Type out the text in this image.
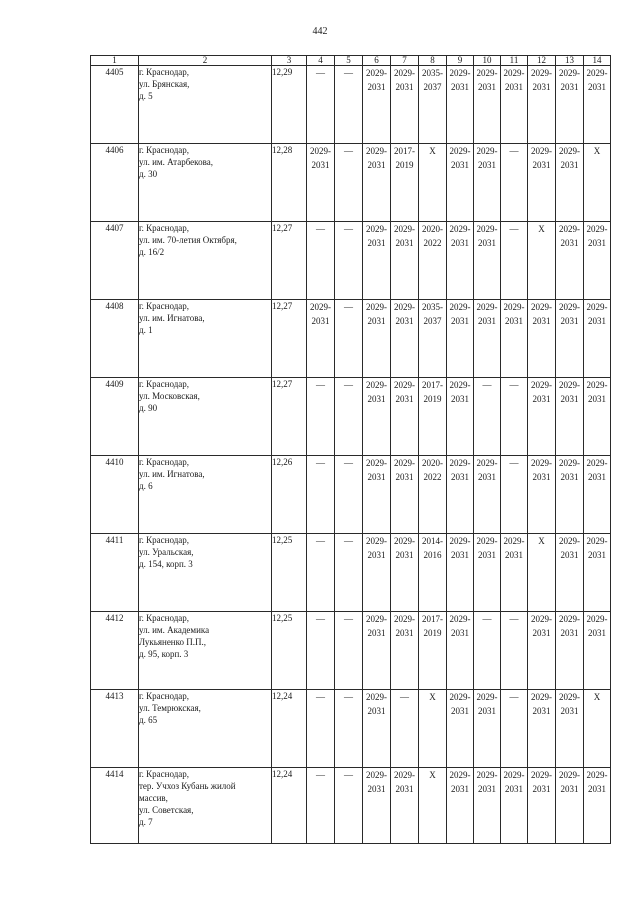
442
1	2	3	4	5	6	7	8	9	10	11	12	13	14
4405	г. Краснодар,
ул. Брянская,
д. 5	12,29	—	—	2029-
2031	2029-
2031	2035-
2037	2029-
2031	2029-
2031	2029-
2031	2029-
2031	2029-
2031	2029-
2031

4406	г. Краснодар,
ул. им. Атарбекова,
д. 30	12,28	2029-
2031	—	2029-
2031	2017-
2019	Х	2029-
2031	2029-
2031	—	2029-
2031	2029-
2031	Х

4407	г. Краснодар,
ул. им. 70-летия Октября,
д. 16/2	12,27	—	—	2029-
2031	2029-
2031	2020-
2022	2029-
2031	2029-
2031	—	Х	2029-
2031	2029-
2031

4408	г. Краснодар,
ул. им. Игнатова,
д. 1	12,27	2029-
2031	—	2029-
2031	2029-
2031	2035-
2037	2029-
2031	2029-
2031	2029-
2031	2029-
2031	2029-
2031	2029-
2031

4409	г. Краснодар,
ул. Московская,
д. 90	12,27	—	—	2029-
2031	2029-
2031	2017-
2019	2029-
2031	—	—	2029-
2031	2029-
2031	2029-
2031

4410	г. Краснодар,
ул. им. Игнатова,
д. 6	12,26	—	—	2029-
2031	2029-
2031	2020-
2022	2029-
2031	2029-
2031	—	2029-
2031	2029-
2031	2029-
2031

4411	г. Краснодар,
ул. Уральская,
д. 154, корп. 3	12,25	—	—	2029-
2031	2029-
2031	2014-
2016	2029-
2031	2029-
2031	2029-
2031	Х	2029-
2031	2029-
2031

4412	г. Краснодар,
ул. им. Академика
Лукьяненко П.П.,
д. 95, корп. 3	12,25	—	—	2029-
2031	2029-
2031	2017-
2019	2029-
2031	—	—	2029-
2031	2029-
2031	2029-
2031

4413	г. Краснодар,
ул. Темрюкская,
д. 65	12,24	—	—	2029-
2031	—	Х	2029-
2031	2029-
2031	—	2029-
2031	2029-
2031	Х

4414	г. Краснодар,
тер. Учхоз Кубань жилой
массив,
ул. Советская,
д. 7	12,24	—	—	2029-
2031	2029-
2031	Х	2029-
2031	2029-
2031	2029-
2031	2029-
2031	2029-
2031	2029-
2031
